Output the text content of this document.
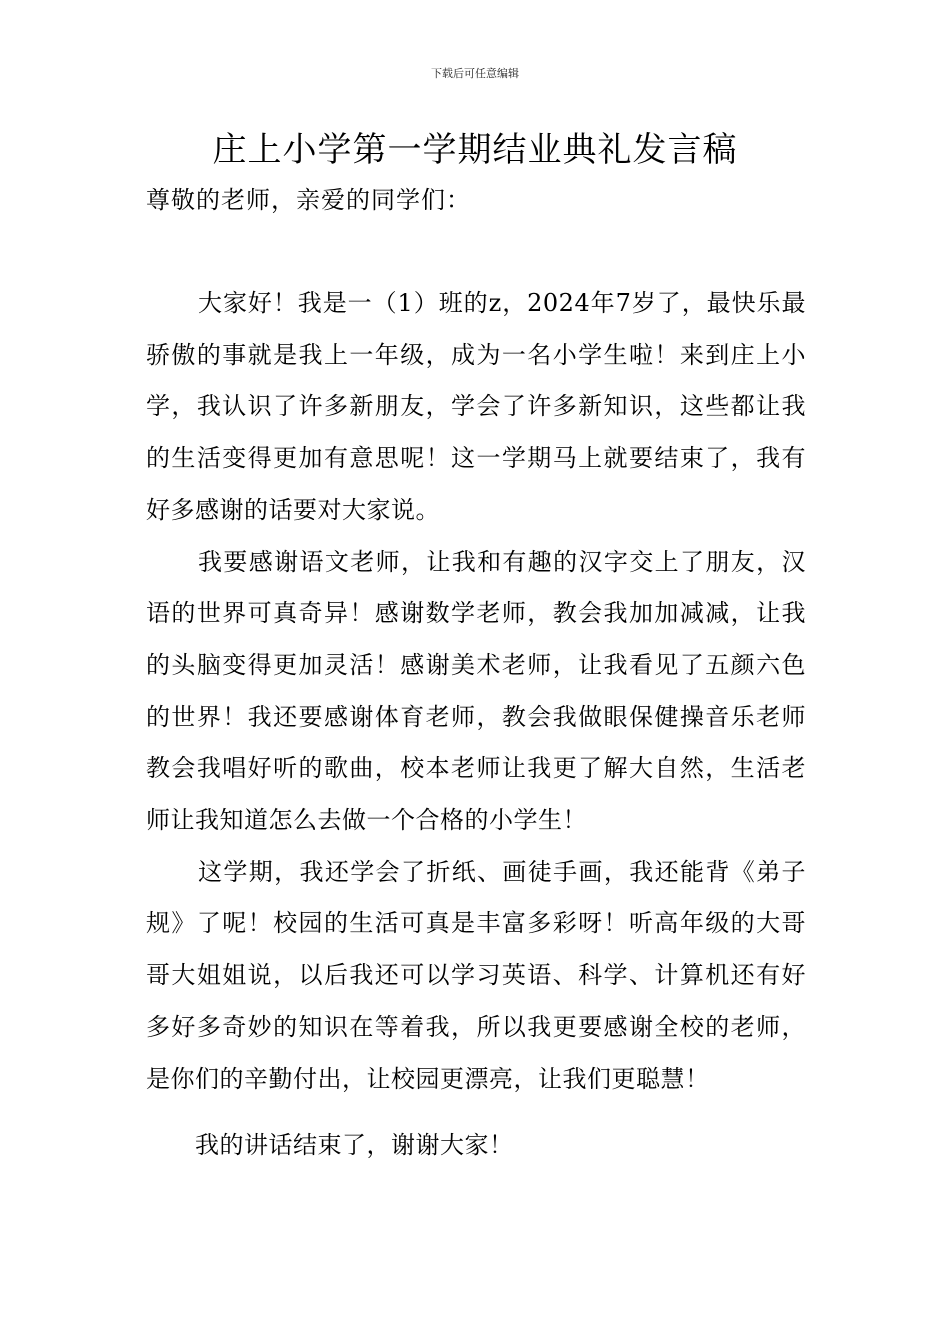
下载后可任意编辑
庄上小学第一学期结业典礼发言稿
尊敬的老师，亲爱的同学们：

大家好！我是一（1）班的z，2024年7岁了，最快乐最骄傲的事就是我上一年级，成为一名小学生啦！来到庄上小学，我认识了许多新朋友，学会了许多新知识，这些都让我的生活变得更加有意思呢！这一学期马上就要结束了，我有好多感谢的话要对大家说。

我要感谢语文老师，让我和有趣的汉字交上了朋友，汉语的世界可真奇异！感谢数学老师，教会我加加减减，让我的头脑变得更加灵活！感谢美术老师，让我看见了五颜六色的世界！我还要感谢体育老师，教会我做眼保健操音乐老师教会我唱好听的歌曲，校本老师让我更了解大自然，生活老师让我知道怎么去做一个合格的小学生！

这学期，我还学会了折纸、画徒手画，我还能背《弟子规》了呢！校园的生活可真是丰富多彩呀！听高年级的大哥哥大姐姐说，以后我还可以学习英语、科学、计算机还有好多好多奇妙的知识在等着我，所以我更要感谢全校的老师，是你们的辛勤付出，让校园更漂亮，让我们更聪慧！

我的讲话结束了，谢谢大家！
